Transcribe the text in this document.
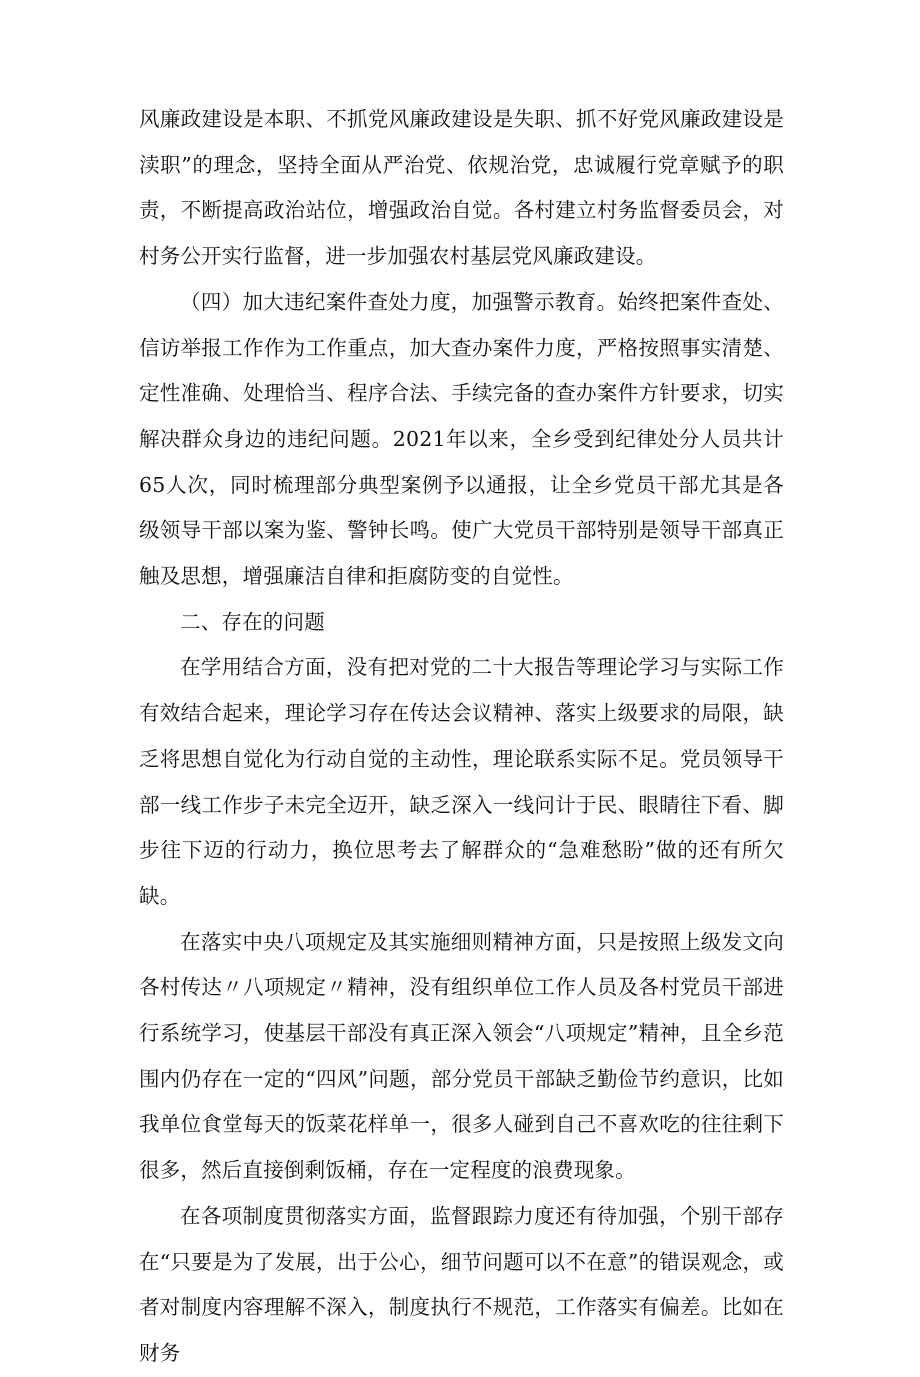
风廉政建设是本职、不抓党风廉政建设是失职、抓不好党风廉政建设是渎职”的理念，坚持全面从严治党、依规治党，忠诚履行党章赋予的职责，不断提高政治站位，增强政治自觉。各村建立村务监督委员会，对村务公开实行监督，进一步加强农村基层党风廉政建设。

（四）加大违纪案件查处力度，加强警示教育。始终把案件查处、信访举报工作作为工作重点，加大查办案件力度，严格按照事实清楚、定性准确、处理恰当、程序合法、手续完备的查办案件方针要求，切实解决群众身边的违纪问题。2021年以来，全乡受到纪律处分人员共计65人次，同时梳理部分典型案例予以通报，让全乡党员干部尤其是各级领导干部以案为鉴、警钟长鸣。使广大党员干部特别是领导干部真正触及思想，增强廉洁自律和拒腐防变的自觉性。

二、存在的问题

在学用结合方面，没有把对党的二十大报告等理论学习与实际工作有效结合起来，理论学习存在传达会议精神、落实上级要求的局限，缺乏将思想自觉化为行动自觉的主动性，理论联系实际不足。党员领导干部一线工作步子未完全迈开，缺乏深入一线问计于民、眼睛往下看、脚步往下迈的行动力，换位思考去了解群众的“急难愁盼”做的还有所欠缺。

在落实中央八项规定及其实施细则精神方面，只是按照上级发文向各村传达〃八项规定〃精神，没有组织单位工作人员及各村党员干部进行系统学习，使基层干部没有真正深入领会“八项规定”精神，且全乡范围内仍存在一定的“四风”问题，部分党员干部缺乏勤俭节约意识，比如我单位食堂每天的饭菜花样单一，很多人碰到自己不喜欢吃的往往剩下很多，然后直接倒剩饭桶，存在一定程度的浪费现象。

在各项制度贯彻落实方面，监督跟踪力度还有待加强，个别干部存在“只要是为了发展，出于公心，细节问题可以不在意”的错误观念，或者对制度内容理解不深入，制度执行不规范，工作落实有偏差。比如在财务
